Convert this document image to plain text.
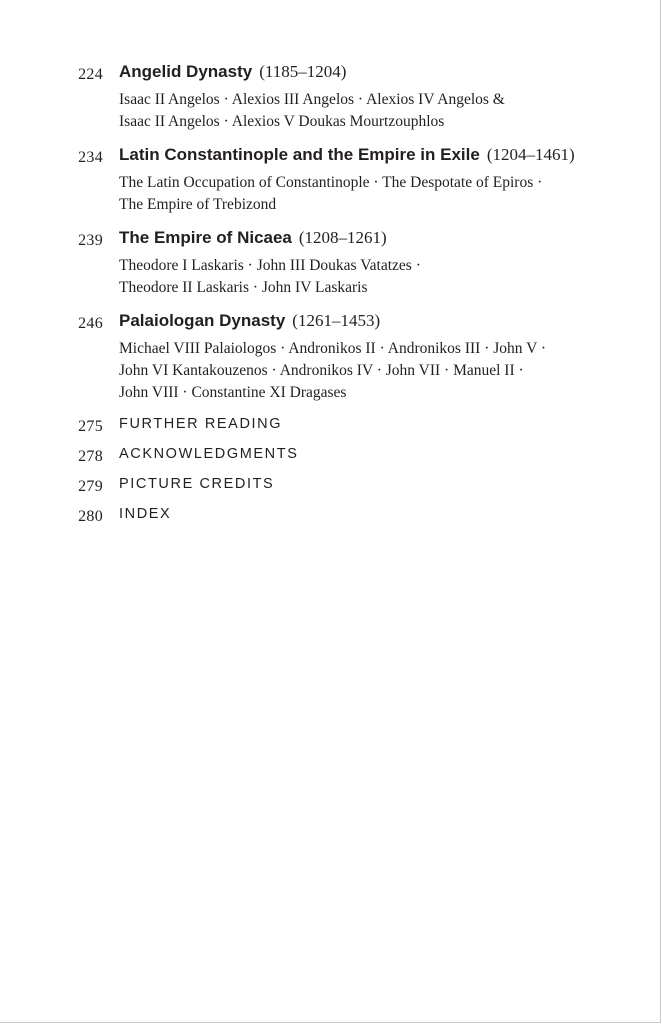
224 Angelid Dynasty (1185–1204)
Isaac II Angelos · Alexios III Angelos · Alexios IV Angelos &
Isaac II Angelos · Alexios V Doukas Mourtzouphlos
234 Latin Constantinople and the Empire in Exile (1204–1461)
The Latin Occupation of Constantinople · The Despotate of Epiros ·
The Empire of Trebizond
239 The Empire of Nicaea (1208–1261)
Theodore I Laskaris · John III Doukas Vatatzes ·
Theodore II Laskaris · John IV Laskaris
246 Palaiologan Dynasty (1261–1453)
Michael VIII Palaiologos · Andronikos II · Andronikos III · John V ·
John VI Kantakouzenos · Andronikos IV · John VII · Manuel II ·
John VIII · Constantine XI Dragases
275 FURTHER READING
278 ACKNOWLEDGMENTS
279 PICTURE CREDITS
280 INDEX
